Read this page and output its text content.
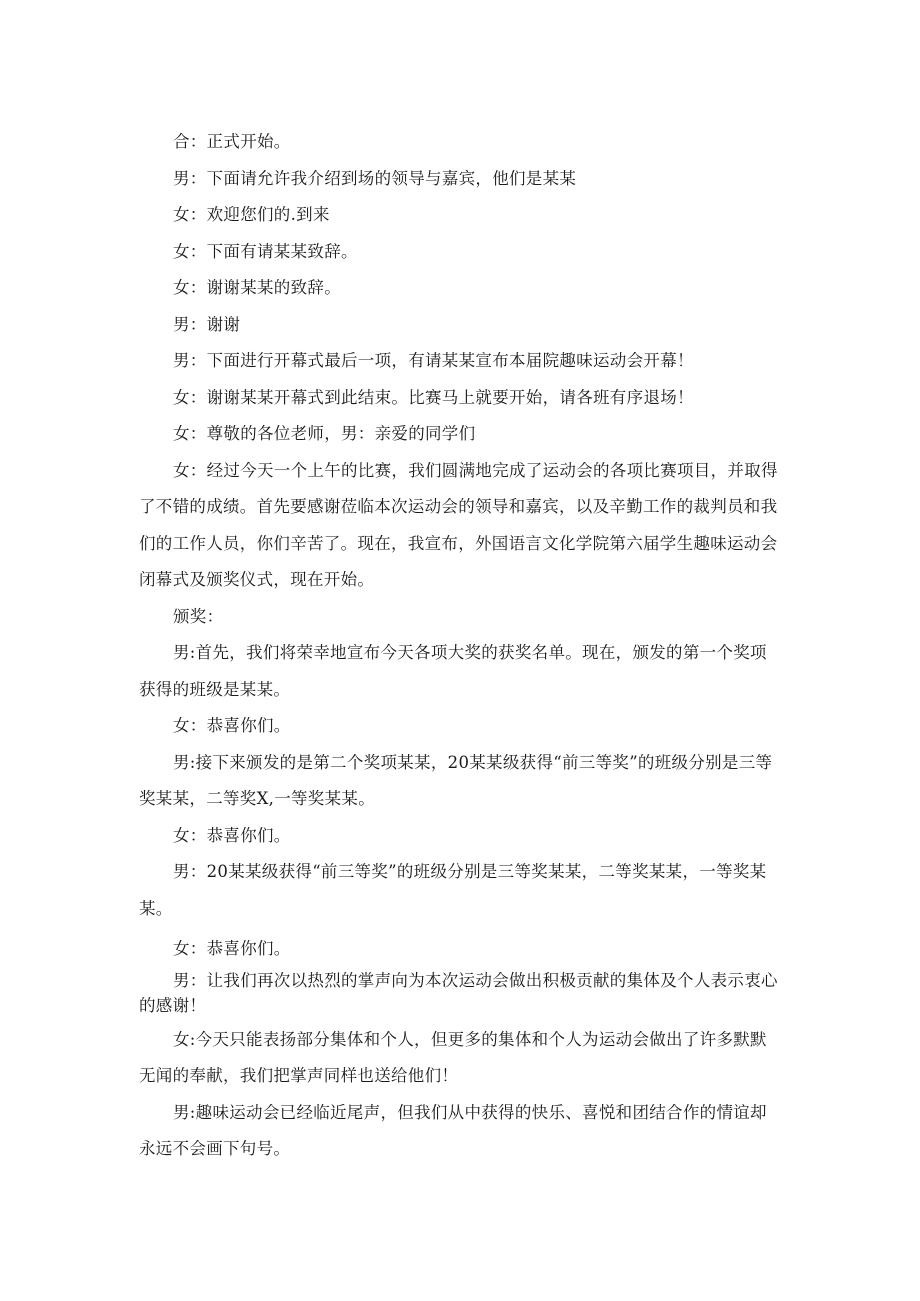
合：正式开始。

男：下面请允许我介绍到场的领导与嘉宾，他们是某某

女：欢迎您们的.到来

女：下面有请某某致辞。

女：谢谢某某的致辞。

男：谢谢

男：下面进行开幕式最后一项，有请某某宣布本届院趣味运动会开幕！

女：谢谢某某开幕式到此结束。比赛马上就要开始，请各班有序退场！

女：尊敬的各位老师，男：亲爱的同学们

女：经过今天一个上午的比赛，我们圆满地完成了运动会的各项比赛项目，并取得了不错的成绩。首先要感谢莅临本次运动会的领导和嘉宾，以及辛勤工作的裁判员和我们的工作人员，你们辛苦了。现在，我宣布，外国语言文化学院第六届学生趣味运动会闭幕式及颁奖仪式，现在开始。

颁奖：

男:首先，我们将荣幸地宣布今天各项大奖的获奖名单。现在，颁发的第一个奖项获得的班级是某某。

女：恭喜你们。

男:接下来颁发的是第二个奖项某某，20某某级获得“前三等奖”的班级分别是三等奖某某，二等奖X,一等奖某某。

女：恭喜你们。

男：20某某级获得“前三等奖”的班级分别是三等奖某某，二等奖某某，一等奖某某。

女：恭喜你们。

男：让我们再次以热烈的掌声向为本次运动会做出积极贡献的集体及个人表示衷心的感谢！

女:今天只能表扬部分集体和个人，但更多的集体和个人为运动会做出了许多默默无闻的奉献，我们把掌声同样也送给他们！

男:趣味运动会已经临近尾声，但我们从中获得的快乐、喜悦和团结合作的情谊却永远不会画下句号。
